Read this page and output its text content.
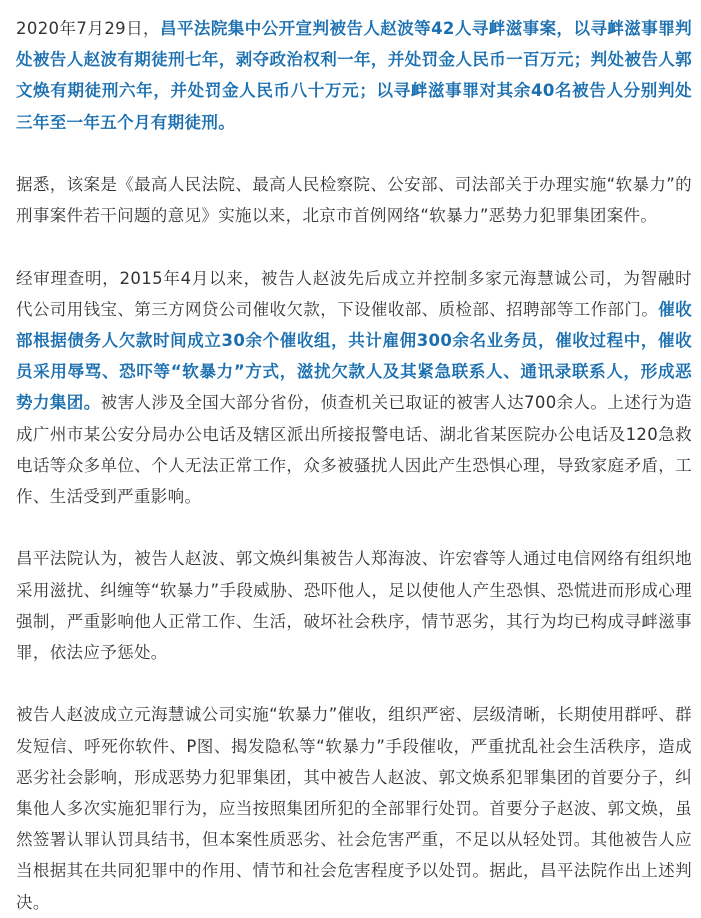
2020年7月29日，昌平法院集中公开宣判被告人赵波等42人寻衅滋事案，以寻衅滋事罪判处被告人赵波有期徒刑七年，剥夺政治权利一年，并处罚金人民币一百万元；判处被告人郭文焕有期徒刑六年，并处罚金人民币八十万元；以寻衅滋事罪对其余40名被告人分别判处三年至一年五个月有期徒刑。

据悉，该案是《最高人民法院、最高人民检察院、公安部、司法部关于办理实施“软暴力”的刑事案件若干问题的意见》实施以来，北京市首例网络“软暴力”恶势力犯罪集团案件。

经审理查明，2015年4月以来，被告人赵波先后成立并控制多家元海慧诚公司，为智融时代公司用钱宝、第三方网贷公司催收欠款，下设催收部、质检部、招聘部等工作部门。催收部根据债务人欠款时间成立30余个催收组，共计雇佣300余名业务员，催收过程中，催收员采用辱骂、恐吓等“软暴力”方式，滋扰欠款人及其紧急联系人、通讯录联系人，形成恶势力集团。被害人涉及全国大部分省份，侦查机关已取证的被害人达700余人。上述行为造成广州市某公安分局办公电话及辖区派出所接报警电话、湖北省某医院办公电话及120急救电话等众多单位、个人无法正常工作，众多被骚扰人因此产生恐惧心理，导致家庭矛盾，工作、生活受到严重影响。

昌平法院认为，被告人赵波、郭文焕纠集被告人郑海波、许宏睿等人通过电信网络有组织地采用滋扰、纠缠等“软暴力”手段威胁、恐吓他人，足以使他人产生恐惧、恐慌进而形成心理强制，严重影响他人正常工作、生活，破坏社会秩序，情节恶劣，其行为均已构成寻衅滋事罪，依法应予惩处。

被告人赵波成立元海慧诚公司实施“软暴力”催收，组织严密、层级清晰，长期使用群呼、群发短信、呼死你软件、P图、揭发隐私等“软暴力”手段催收，严重扰乱社会生活秩序，造成恶劣社会影响，形成恶势力犯罪集团，其中被告人赵波、郭文焕系犯罪集团的首要分子，纠集他人多次实施犯罪行为，应当按照集团所犯的全部罪行处罚。首要分子赵波、郭文焕，虽然签署认罪认罚具结书，但本案性质恶劣、社会危害严重，不足以从轻处罚。其他被告人应当根据其在共同犯罪中的作用、情节和社会危害程度予以处罚。据此，昌平法院作出上述判决。
